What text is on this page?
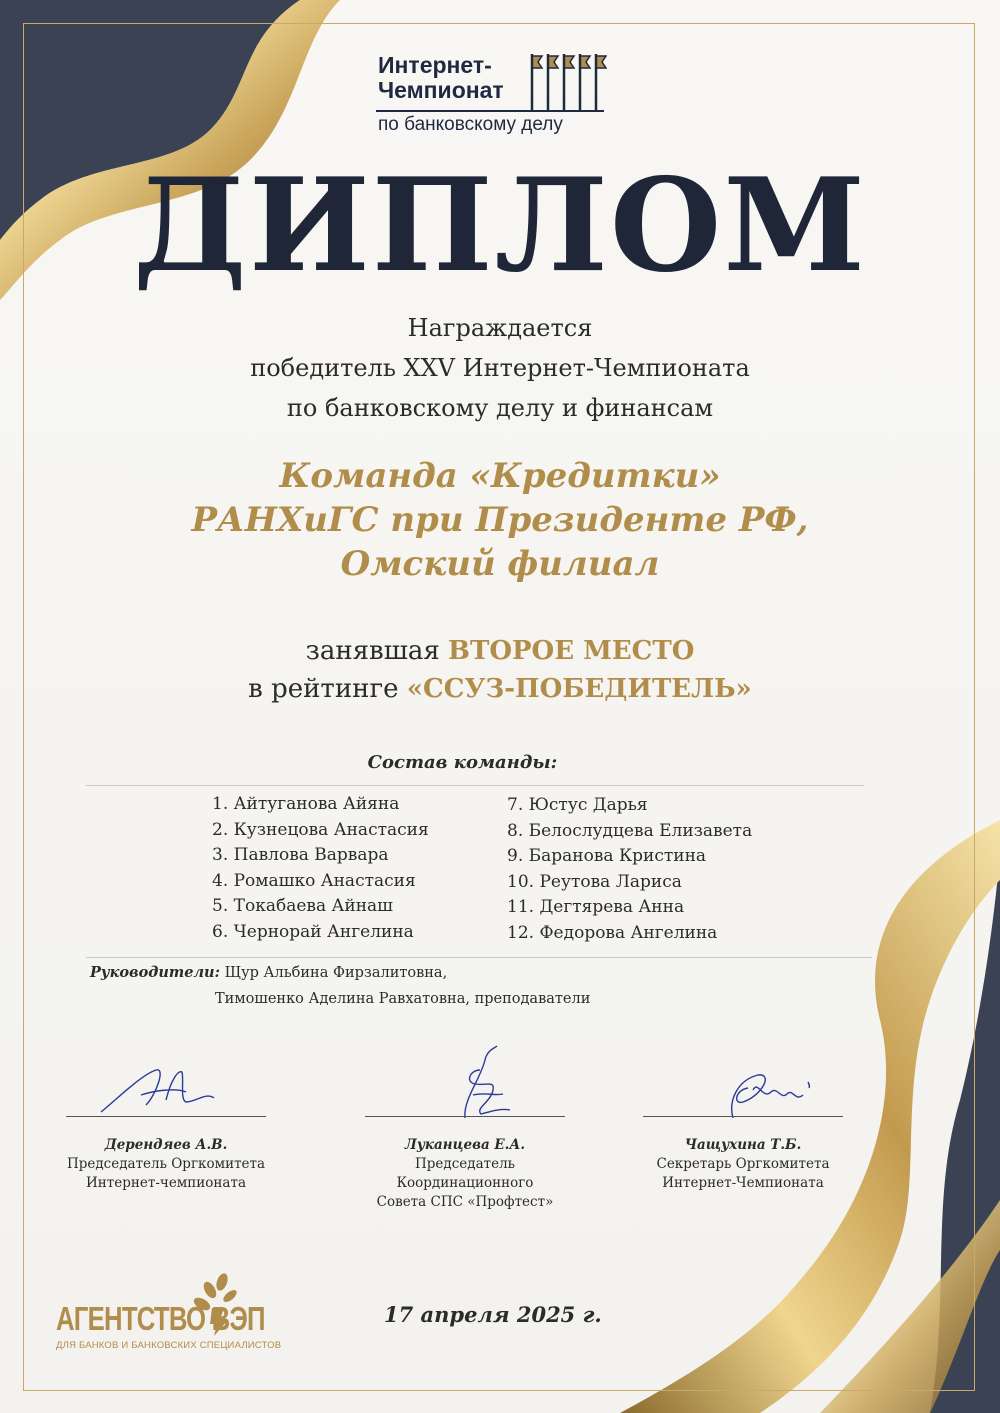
Интернет-
Чемпионат
по банковскому делу
ДИПЛОМ
Награждается
победитель XXV Интернет-Чемпионата
по банковскому делу и финансам
Команда «Кредитки»
РАНХиГС при Президенте РФ,
Омский филиал
занявшая ВТОРОЕ МЕСТО
в рейтинге «ССУЗ-ПОБЕДИТЕЛЬ»
Состав команды:
1. Айтуганова Айяна
2. Кузнецова Анастасия
3. Павлова Варвара
4. Ромашко Анастасия
5. Токабаева Айнаш
6. Чернорай Ангелина
7. Юстус Дарья
8. Белослудцева Елизавета
9. Баранова Кристина
10. Реутова Лариса
11. Дегтярева Анна
12. Федорова Ангелина
Руководители: Щур Альбина Фирзалитовна,
Тимошенко Аделина Равхатовна, преподаватели
Дерендяев А.В.
Председатель Оргкомитета
Интернет-чемпионата
Луканцева Е.А.
Председатель
Координационного
Совета СПС «Профтест»
Чащухина Т.Б.
Секретарь Оргкомитета
Интернет-Чемпионата
АГЕНТСТВО ВЭП
ДЛЯ БАНКОВ И БАНКОВСКИХ СПЕЦИАЛИСТОВ
17 апреля 2025 г.
